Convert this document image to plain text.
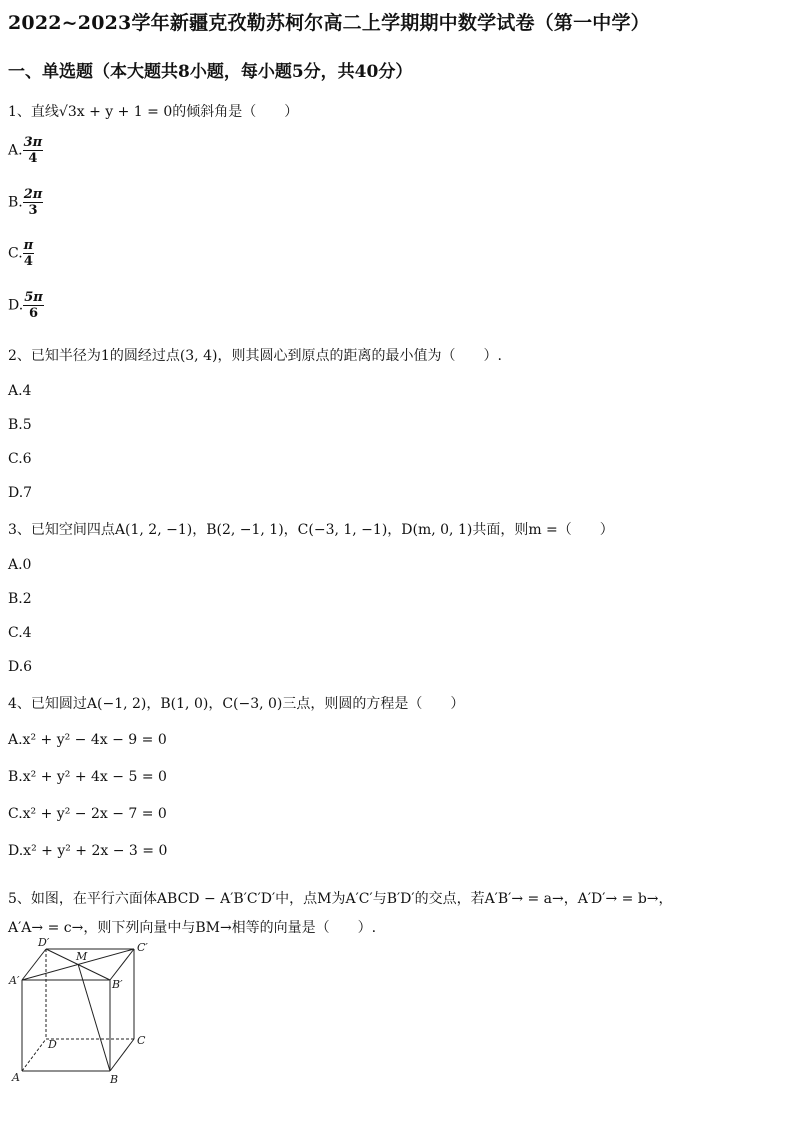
2022~2023学年新疆克孜勒苏柯尔高二上学期期中数学试卷（第一中学）
一、单选题（本大题共8小题，每小题5分，共40分）
1、直线√3x + y + 1 = 0的倾斜角是（　　）
A. $\frac{3\pi}{4}$
B. $\frac{2\pi}{3}$
C. $\frac{\pi}{4}$
D. $\frac{5\pi}{6}$
2、已知半径为1的圆经过点(3, 4)，则其圆心到原点的距离的最小值为（　　）.
A.4
B.5
C.6
D.7
3、已知空间四点A(1, 2, −1)，B(2, −1, 1)，C(−3, 1, −1)，D(m, 0, 1)共面，则m =（　　）
A.0
B.2
C.4
D.6
4、已知圆过A(−1, 2)，B(1, 0)，C(−3, 0)三点，则圆的方程是（　　）
A.x² + y² − 4x − 9 = 0
B.x² + y² + 4x − 5 = 0
C.x² + y² − 2x − 7 = 0
D.x² + y² + 2x − 3 = 0
5、如图，在平行六面体ABCD − A′B′C′D′中，点M为A′C′与B′D′的交点，若A′B′→ = a→，A′D′→ = b→，
A′A→ = c→，则下列向量中与BM→相等的向量是（　　）.
D′
M
C′
A′	B′
D	C
A	B
